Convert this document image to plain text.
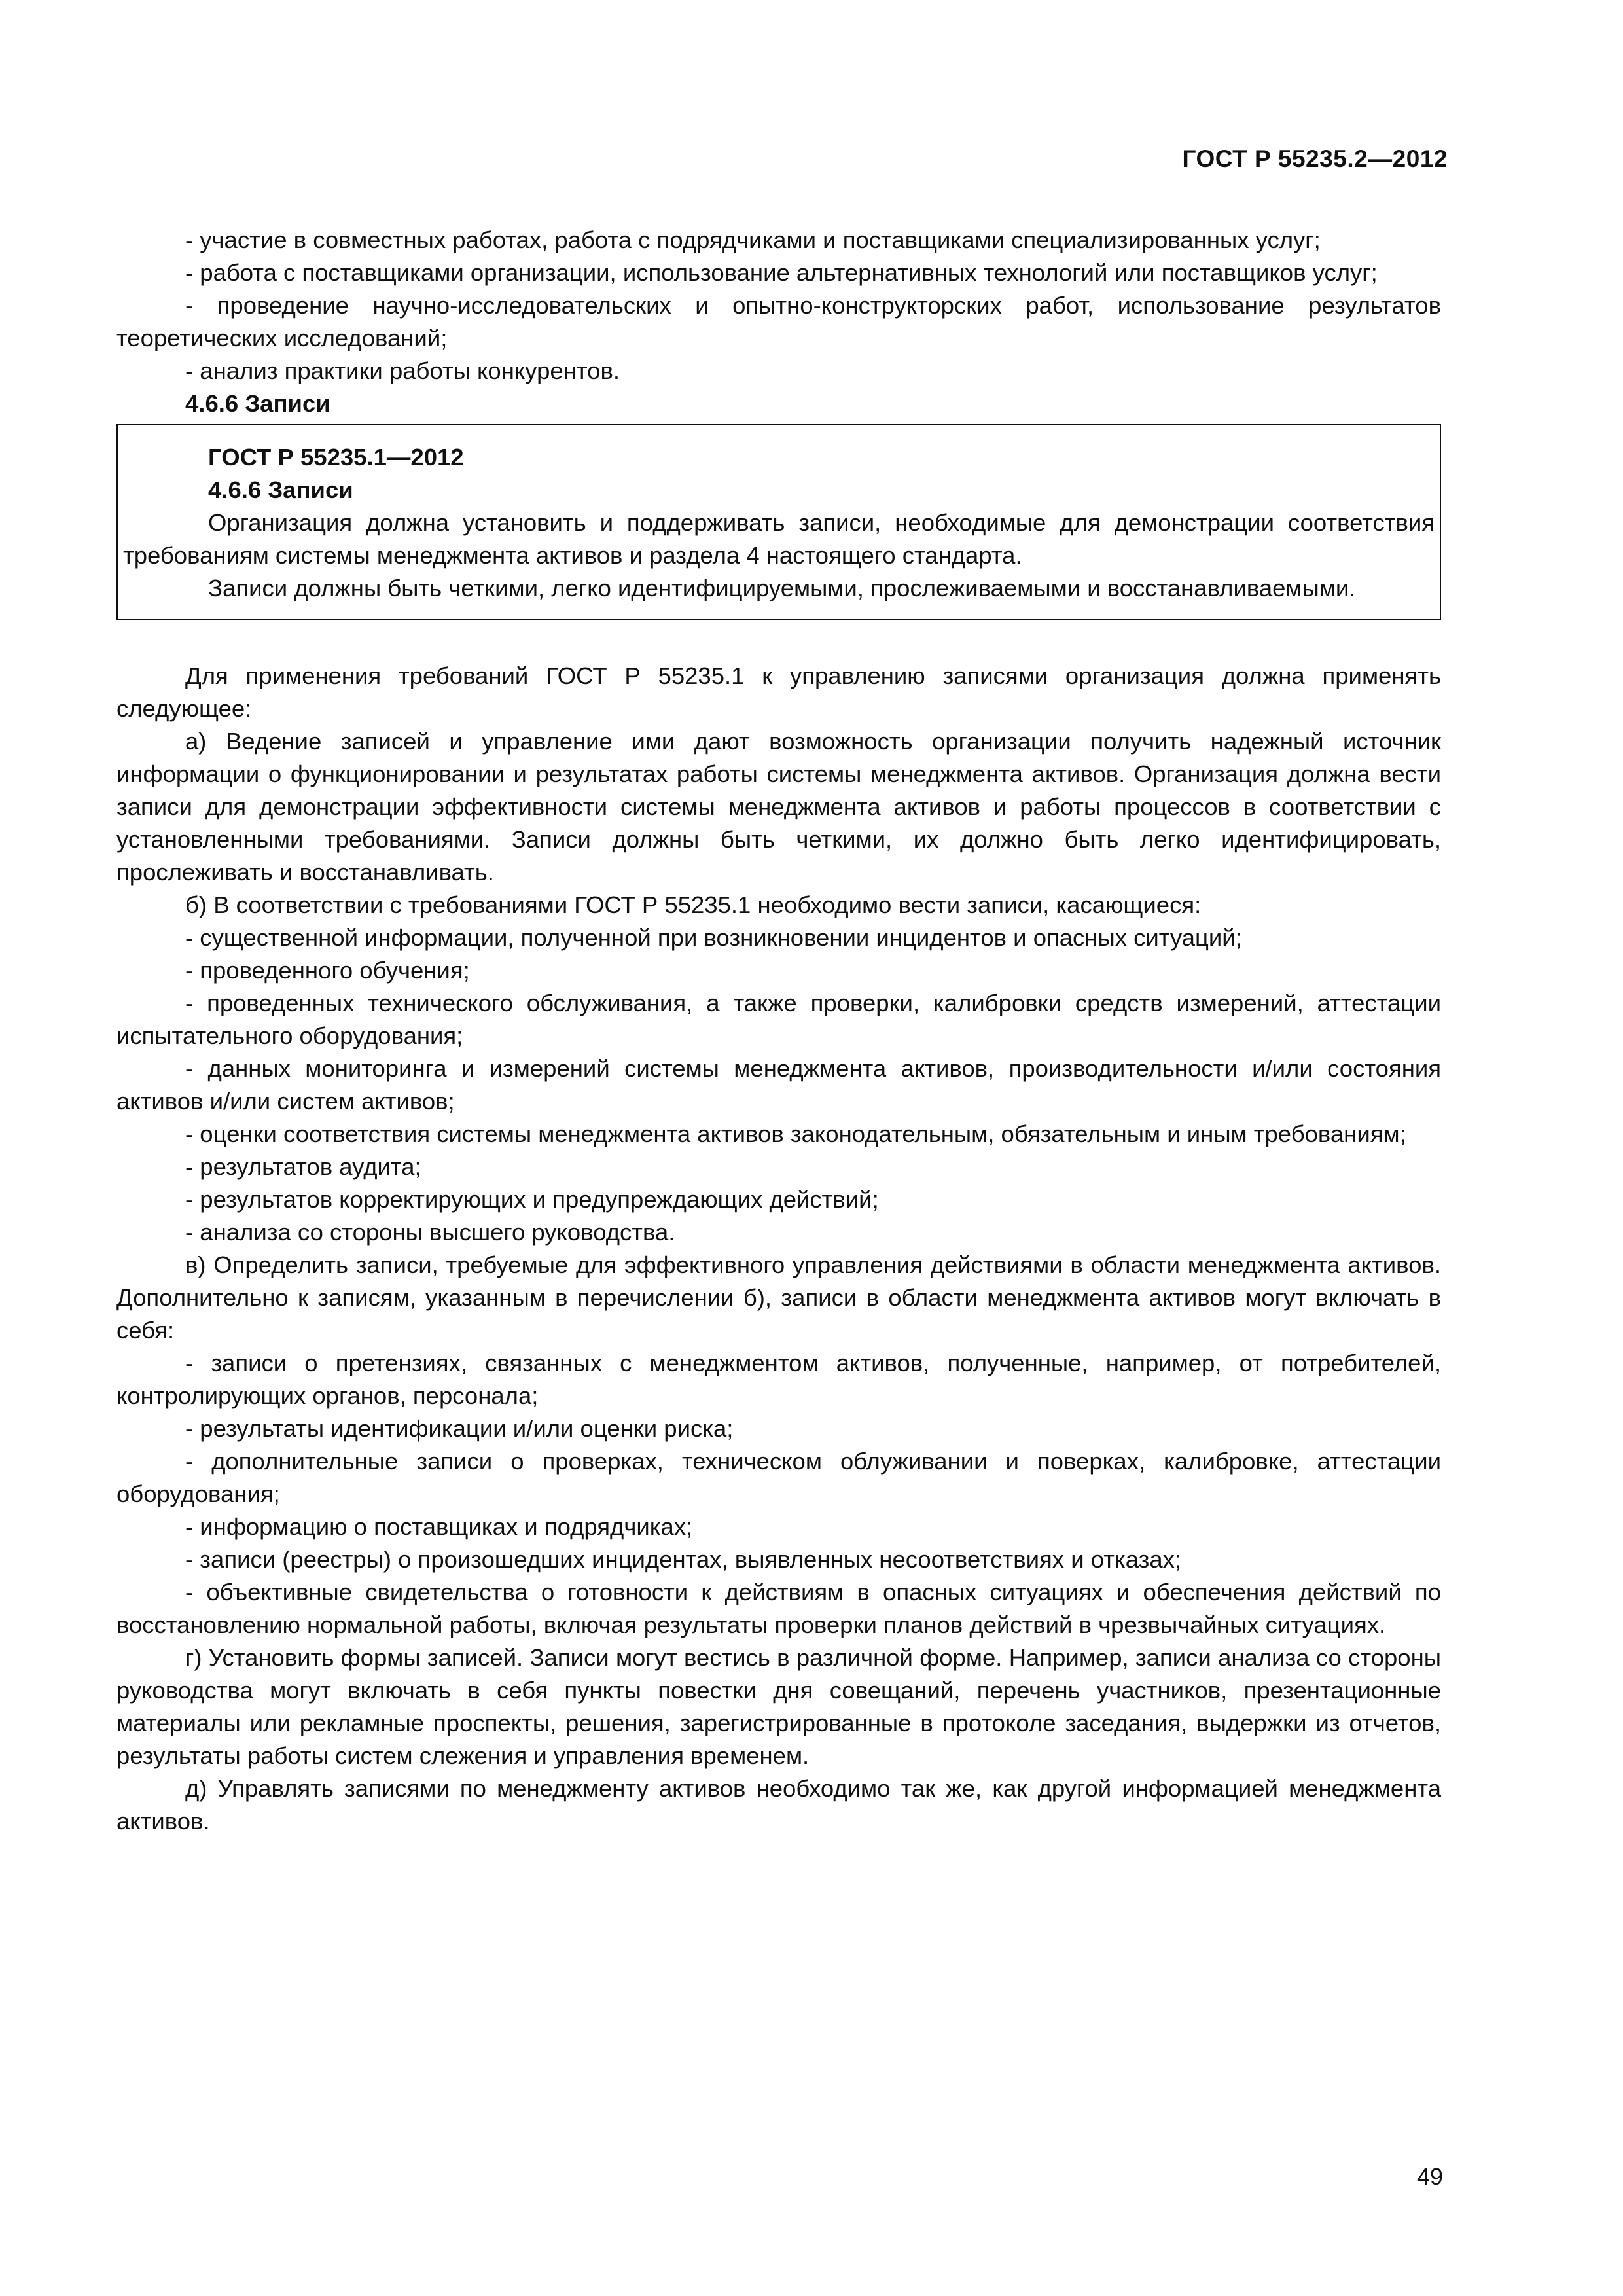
ГОСТ Р 55235.2—2012

- участие в совместных работах, работа с подрядчиками и поставщиками специализированных услуг;

- работа с поставщиками организации, использование альтернативных технологий или поставщиков услуг;

- проведение научно-исследовательских и опытно-конструкторских работ, использование результатов теоретических исследований;

- анализ практики работы конкурентов.

4.6.6 Записи

ГОСТ Р 55235.1—2012

4.6.6 Записи

Организация должна установить и поддерживать записи, необходимые для демонстрации соответствия требованиям системы менеджмента активов и раздела 4 настоящего стандарта.

Записи должны быть четкими, легко идентифицируемыми, прослеживаемыми и восстанавливаемыми.

Для применения требований ГОСТ Р 55235.1 к управлению записями организация должна применять следующее:

а) Ведение записей и управление ими дают возможность организации получить надежный источник информации о функционировании и результатах работы системы менеджмента активов. Организация должна вести записи для демонстрации эффективности системы менеджмента активов и работы процессов в соответствии с установленными требованиями. Записи должны быть четкими, их должно быть легко идентифицировать, прослеживать и восстанавливать.

б) В соответствии с требованиями ГОСТ Р 55235.1 необходимо вести записи, касающиеся:

- существенной информации, полученной при возникновении инцидентов и опасных ситуаций;

- проведенного обучения;

- проведенных технического обслуживания, а также проверки, калибровки средств измерений, аттестации испытательного оборудования;

- данных мониторинга и измерений системы менеджмента активов, производительности и/или состояния активов и/или систем активов;

- оценки соответствия системы менеджмента активов законодательным, обязательным и иным требованиям;

- результатов аудита;

- результатов корректирующих и предупреждающих действий;

- анализа со стороны высшего руководства.

в) Определить записи, требуемые для эффективного управления действиями в области менеджмента активов. Дополнительно к записям, указанным в перечислении б), записи в области менеджмента активов могут включать в себя:

- записи о претензиях, связанных с менеджментом активов, полученные, например, от потребителей, контролирующих органов, персонала;

- результаты идентификации и/или оценки риска;

- дополнительные записи о проверках, техническом облуживании и поверках, калибровке, аттестации оборудования;

- информацию о поставщиках и подрядчиках;

- записи (реестры) о произошедших инцидентах, выявленных несоответствиях и отказах;

- объективные свидетельства о готовности к действиям в опасных ситуациях и обеспечения действий по восстановлению нормальной работы, включая результаты проверки планов действий в чрезвычайных ситуациях.

г) Установить формы записей. Записи могут вестись в различной форме. Например, записи анализа со стороны руководства могут включать в себя пункты повестки дня совещаний, перечень участников, презентационные материалы или рекламные проспекты, решения, зарегистрированные в протоколе заседания, выдержки из отчетов, результаты работы систем слежения и управления временем.

д) Управлять записями по менеджменту активов необходимо так же, как другой информацией менеджмента активов.

49
